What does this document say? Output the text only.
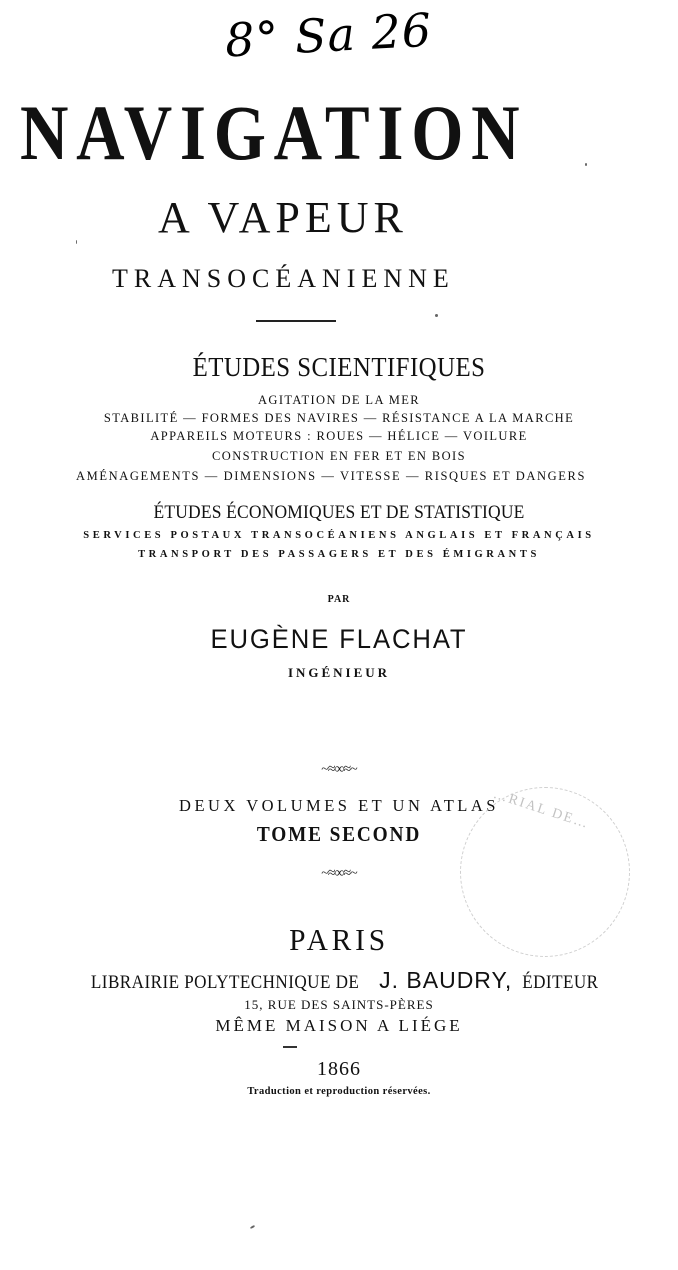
8° Sa 26
NAVIGATION
A VAPEUR
TRANSOCÉANIENNE
ÉTUDES SCIENTIFIQUES
AGITATION DE LA MER
STABILITÉ — FORMES DES NAVIRES — RÉSISTANCE A LA MARCHE
APPAREILS MOTEURS : ROUES — HÉLICE — VOILURE
CONSTRUCTION EN FER ET EN BOIS
AMÉNAGEMENTS — DIMENSIONS — VITESSE — RISQUES ET DANGERS
ÉTUDES ÉCONOMIQUES ET DE STATISTIQUE
SERVICES POSTAUX TRANSOCÉANIENS ANGLAIS ET FRANÇAIS
TRANSPORT DES PASSAGERS ET DES ÉMIGRANTS
PAR
EUGÈNE FLACHAT
INGÉNIEUR
~≈∞≈~
DEUX VOLUMES ET UN ATLAS
TOME SECOND
~≈∞≈~
…RIAL DE…
PARIS
LIBRAIRIE POLYTECHNIQUE DE J. BAUDRY, ÉDITEUR
15, RUE DES SAINTS-PÈRES
MÊME MAISON A LIÉGE
1866
Traduction et reproduction réservées.
